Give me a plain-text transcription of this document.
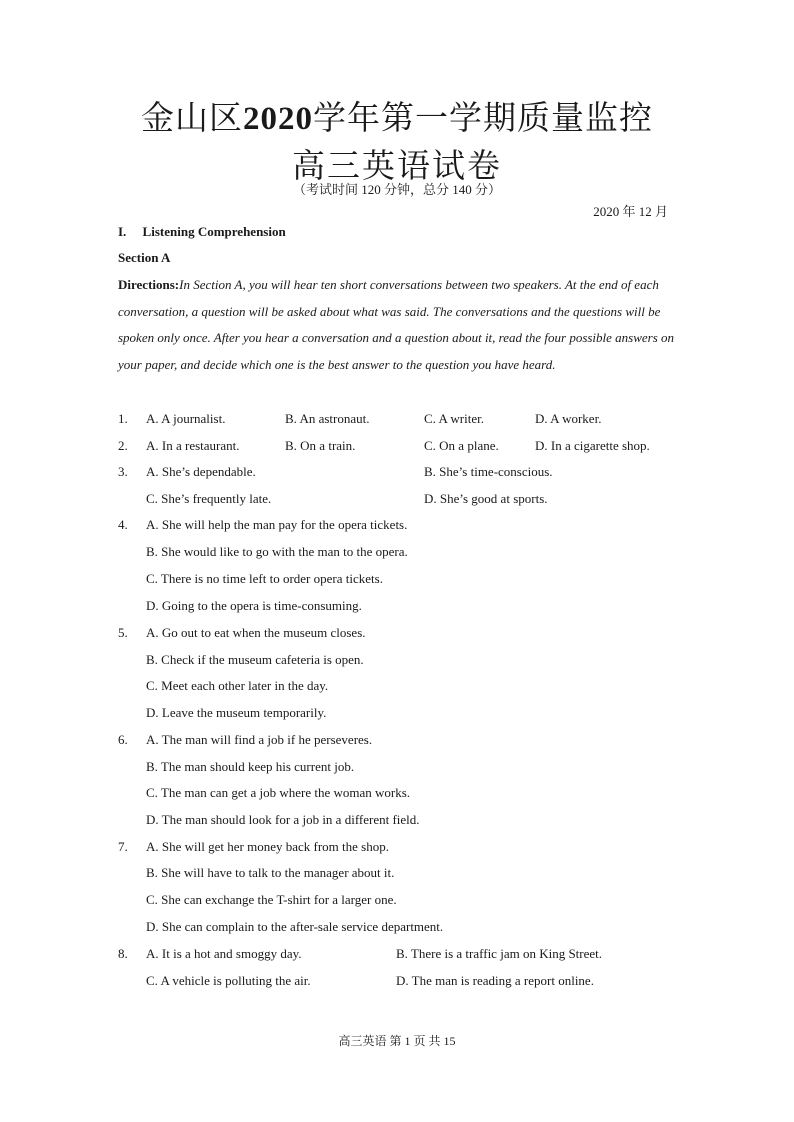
金山区2020学年第一学期质量监控
高三英语试卷
（考试时间 120 分钟，总分 140 分）
2020 年 12 月
I.     Listening Comprehension
Section A
Directions:In Section A, you will hear ten short conversations between two speakers. At the end of each conversation, a question will be asked about what was said. The conversations and the questions will be spoken only once. After you hear a conversation and a question about it, read the four possible answers on your paper, and decide which one is the best answer to the question you have heard.
1. A. A journalist.	B. An astronaut.	C. A writer.	D. A worker.
2. A. In a restaurant.	B. On a train.	C. On a plane.	D. In a cigarette shop.
3. A. She’s dependable.	B. She’s time-conscious.
C. She’s frequently late.	D. She’s good at sports.
4. A. She will help the man pay for the opera tickets.
B. She would like to go with the man to the opera.
C. There is no time left to order opera tickets.
D. Going to the opera is time-consuming.
5. A. Go out to eat when the museum closes.
B. Check if the museum cafeteria is open.
C. Meet each other later in the day.
D. Leave the museum temporarily.
6. A. The man will find a job if he perseveres.
B. The man should keep his current job.
C. The man can get a job where the woman works.
D. The man should look for a job in a different field.
7. A. She will get her money back from the shop.
B. She will have to talk to the manager about it.
C. She can exchange the T-shirt for a larger one.
D. She can complain to the after-sale service department.
8. A. It is a hot and smoggy day.	B. There is a traffic jam on King Street.
C. A vehicle is polluting the air.	D. The man is reading a report online.
高三英语 第 1 页 共 15
